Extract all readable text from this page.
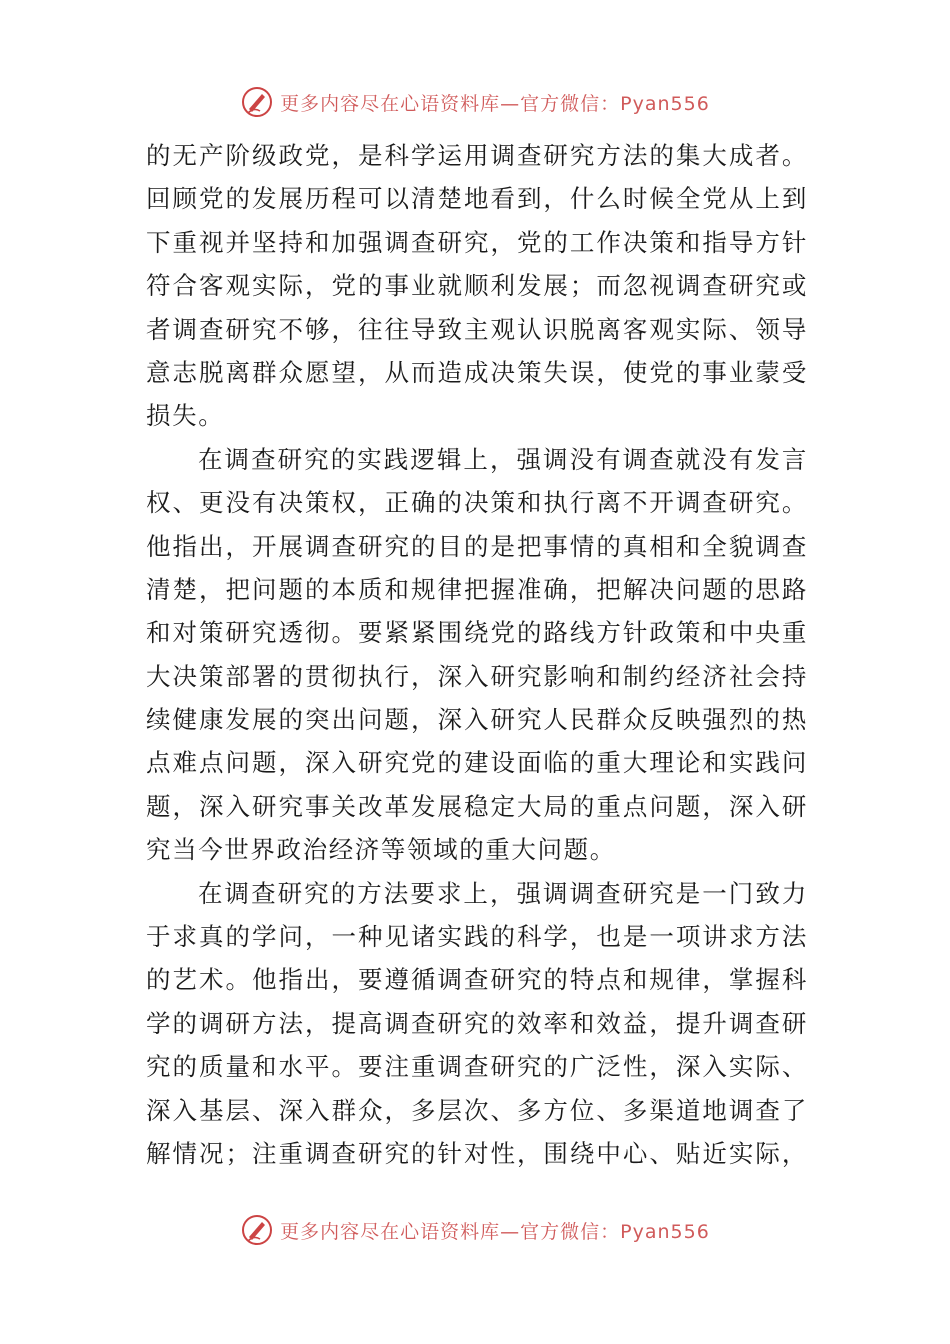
更多内容尽在心语资料库—官方微信：Pyan556
的无产阶级政党，是科学运用调查研究方法的集大成者。
回顾党的发展历程可以清楚地看到，什么时候全党从上到
下重视并坚持和加强调查研究，党的工作决策和指导方针
符合客观实际，党的事业就顺利发展；而忽视调查研究或
者调查研究不够，往往导致主观认识脱离客观实际、领导
意志脱离群众愿望，从而造成决策失误，使党的事业蒙受
损失。
在调查研究的实践逻辑上，强调没有调查就没有发言
权、更没有决策权，正确的决策和执行离不开调查研究。
他指出，开展调查研究的目的是把事情的真相和全貌调查
清楚，把问题的本质和规律把握准确，把解决问题的思路
和对策研究透彻。要紧紧围绕党的路线方针政策和中央重
大决策部署的贯彻执行，深入研究影响和制约经济社会持
续健康发展的突出问题，深入研究人民群众反映强烈的热
点难点问题，深入研究党的建设面临的重大理论和实践问
题，深入研究事关改革发展稳定大局的重点问题，深入研
究当今世界政治经济等领域的重大问题。
在调查研究的方法要求上，强调调查研究是一门致力
于求真的学问，一种见诸实践的科学，也是一项讲求方法
的艺术。他指出，要遵循调查研究的特点和规律，掌握科
学的调研方法，提高调查研究的效率和效益，提升调查研
究的质量和水平。要注重调查研究的广泛性，深入实际、
深入基层、深入群众，多层次、多方位、多渠道地调查了
解情况；注重调查研究的针对性，围绕中心、贴近实际，
更多内容尽在心语资料库—官方微信：Pyan556
